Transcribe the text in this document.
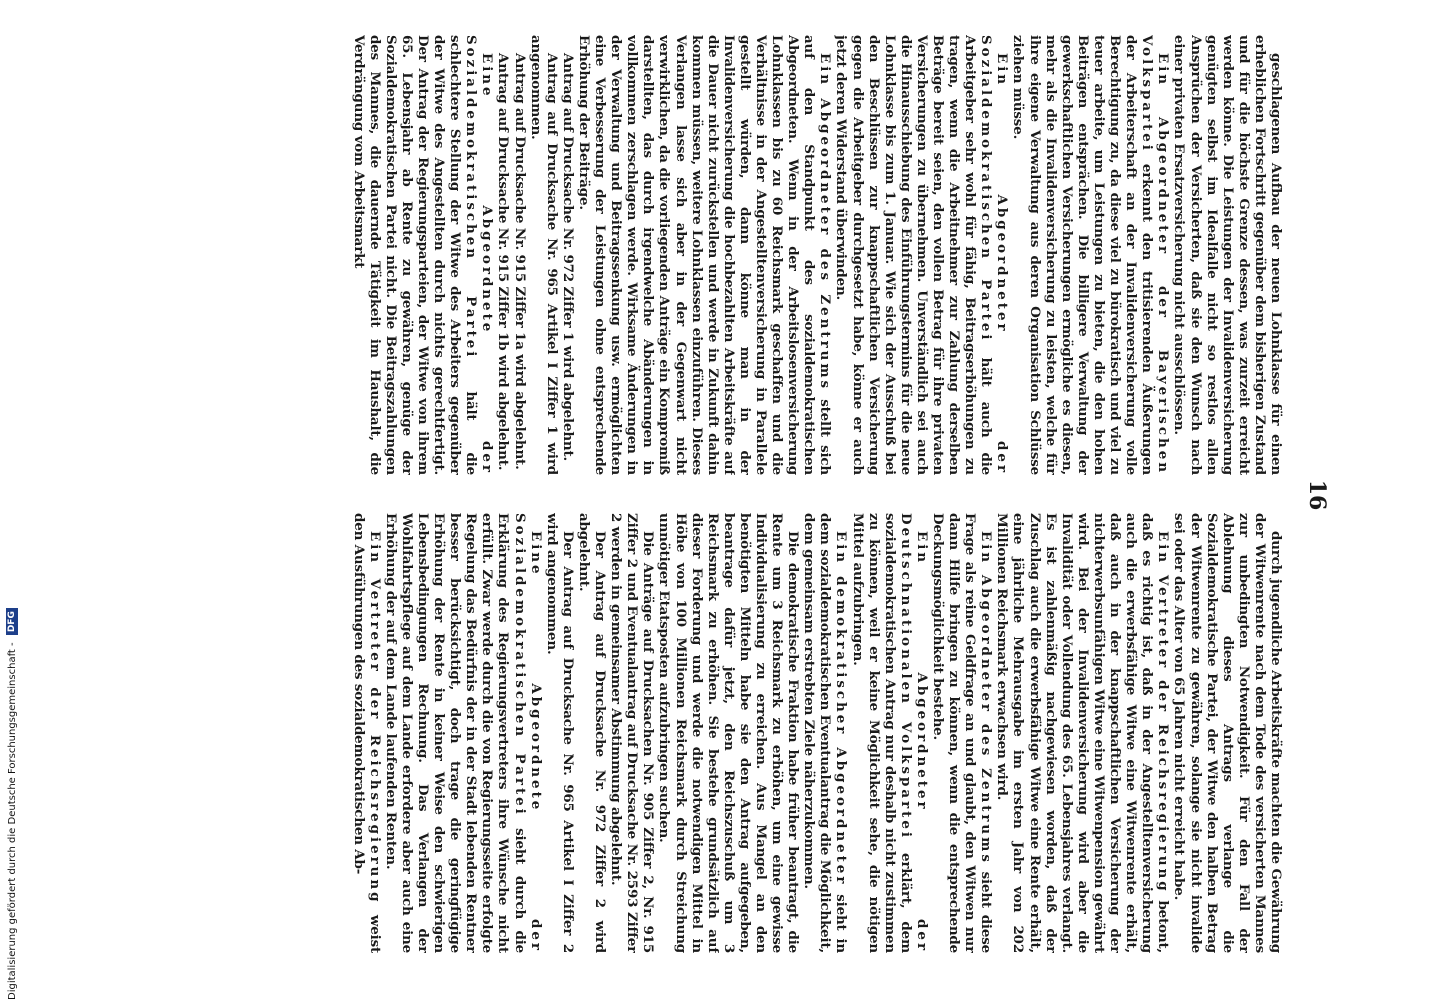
16

geschlagenen Aufbau der neuen Lohnklasse für einen erheblichen Fortschritt gegenüber dem bisherigen Zustand und für die höchste Grenze dessen, was zurzeit erreicht werden könne. Die Leistungen der Invalidenversicherung genügten selbst im Idealfalle nicht so restlos allen Ansprüchen der Versicherten, daß sie den Wunsch nach einer privaten Ersatzversicherung nicht ausschlössen.

Ein Abgeordneter der Bayerischen Volkspartei erkennt den tritisierenden Äußerungen der Arbeiterschaft an der Invalidenversicherung volle Berechtigung zu, da diese viel zu bürokratisch und viel zu teuer arbeite, um Leistungen zu bieten, die den hohen Beiträgen entsprächen. Die billigere Verwaltung der gewerkschaftlichen Versicherungen ermögliche es diesen, mehr als die Invalidenversicherung zu leisten, welche für ihre eigene Verwaltung aus deren Organisation Schlüsse ziehen müsse.

Ein Abgeordneter der Sozialdemokratischen Partei hält auch die Arbeitgeber sehr wohl für fähig, Beitragserhöhungen zu tragen, wenn die Arbeitnehmer zur Zahlung derselben Beträge bereit seien, den vollen Betrag für ihre privaten Versicherungen zu übernehmen. Unverständlich sei auch die Hinausschiebung des Einführungstermins für die neue Lohnklasse bis zum 1. Januar. Wie sich der Ausschuß bei den Beschlüssen zur knappschaftlichen Versicherung gegen die Arbeitgeber durchgesetzt habe, könne er auch jetzt deren Widerstand überwinden.

Ein Abgeordneter des Zentrums stellt sich auf den Standpunkt des sozialdemokratischen Abgeordneten. Wenn in der Arbeitslosenversicherung Lohnklassen bis zu 60 Reichsmark geschaffen und die Verhältnisse in der Angestelltenversicherung in Parallele gestellt würden, dann könne man in der Invalidenversicherung die hochbezahlten Arbeitskräfte auf die Dauer nicht zurückstellen und werde in Zukunft dahin kommen müssen, weitere Lohnklassen einzuführen. Dieses Verlangen lasse sich aber in der Gegenwart nicht verwirklichen, da die vorliegenden Anträge ein Kompromiß darstellten, das durch irgendwelche Abänderungen in vollkommen zerschlagen werde. Wirksame Änderungen in der Verwaltung und Beitragssenkung usw. ermöglichten eine Verbesserung der Leistungen ohne entsprechende Erhöhung der Beiträge.

Antrag auf Drucksache Nr. 972 Ziffer 1 wird abgelehnt.

Antrag auf Drucksache Nr. 965 Artikel I Ziffer 1 wird angenommen.

Antrag auf Drucksache Nr. 915 Ziffer 1a wird abgelehnt.

Antrag auf Drucksache Nr. 915 Ziffer 1b wird abgelehnt.

Eine Abgeordnete der Sozialdemokratischen Partei hält die schlechtere Stellung der Witwe des Arbeiters gegenüber der Witwe des Angestellten durch nichts gerechtfertigt. Der Antrag der Regierungsparteien, der Witwe von ihrem 65. Lebensjahr ab Rente zu gewähren, genüge der Sozialdemokratischen Partei nicht. Die Beitragszahlungen des Mannes, die dauernde Tätigkeit im Haushalt, die Verdrängung vom Arbeitsmarkt

durch jugendliche Arbeitskräfte machten die Gewährung der Witwenrente nach dem Tode des versicherten Mannes zur unbedingten Notwendigkeit. Für den Fall der Ablehnung dieses Antrags verlange die Sozialdemokratische Partei, der Witwe den halben Betrag der Witwenrente zu gewähren, solange sie nicht invalide sei oder das Alter von 65 Jahren nicht erreicht habe.

Ein Vertreter der Reichsregierung betont, daß es richtig ist, daß in der Angestelltenversicherung auch die erwerbsfähige Witwe eine Witwenrente erhält, daß auch in der knappschaftlichen Versicherung der nichterwerbsunfähigen Witwe eine Witwenpension gewährt wird. Bei der Invalidenversicherung wird aber die Invalidität oder Vollendung des 65. Lebensjahres verlangt. Es ist zahlenmäßig nachgewiesen worden, daß der Zuschlag auch die erwerbsfähige Witwe eine Rente erhält, eine jährliche Mehrausgabe im ersten Jahr von 202 Millionen Reichsmark erwachsen wird.

Ein Abgeordneter des Zentrums sieht diese Frage als reine Geldfrage an und glaubt, den Witwen nur dann Hilfe bringen zu können, wenn die entsprechende Deckungsmöglichkeit bestehe.

Ein Abgeordneter der Deutschnationalen Volkspartei erklärt, dem sozialdemokratischen Antrag nur deshalb nicht zustimmen zu können, weil er keine Möglichkeit sehe, die nötigen Mittel aufzubringen.

Ein demokratischer Abgeordneter sieht in dem sozialdemokratischen Eventualantrag die Möglichkeit, dem gemeinsam erstrebten Ziele näherzukommen.

Die demokratische Fraktion habe früher beantragt, die Rente um 3 Reichsmark zu erhöhen, um eine gewisse Individualisierung zu erreichen. Aus Mangel an den benötigten Mitteln habe sie den Antrag aufgegeben, beantrage dafür jetzt, den Reichszuschuß um 3 Reichsmark zu erhöhen. Sie bestehe grundsätzlich auf dieser Forderung und werde die notwendigen Mittel in Höhe von 100 Millionen Reichsmark durch Streichung unnötiger Etatsposten aufzubringen suchen.

Die Anträge auf Drucksachen Nr. 905 Ziffer 2, Nr. 915 Ziffer 2 und Eventualantrag auf Drucksache Nr. 2593 Ziffer 2 werden in gemeinsamer Abstimmung abgelehnt.

Der Antrag auf Drucksache Nr. 972 Ziffer 2 wird abgelehnt.

Der Antrag auf Drucksache Nr. 965 Artikel I Ziffer 2 wird angenommen.

Eine Abgeordnete der Sozialdemokratischen Partei sieht durch die Erklärung des Regierungsvertreters ihre Wünsche nicht erfüllt. Zwar werde durch die von Regierungsseite erfolgte Regelung das Bedürfnis der in der Stadt lebenden Rentner besser berücksichtigt, doch trage die geringfügige Erhöhung der Rente in keiner Weise den schwierigen Lebensbedingungen Rechnung. Das Verlangen der Wohlfahrtspflege auf dem Lande erfordere aber auch eine Erhöhung der auf dem Lande laufenden Renten.

Ein Vertreter der Reichsregierung weist den Ausführungen des sozialdemokratischen Ab-

Digitalisierung gefördert durch die Deutsche Forschungsgemeinschaft - DFG
